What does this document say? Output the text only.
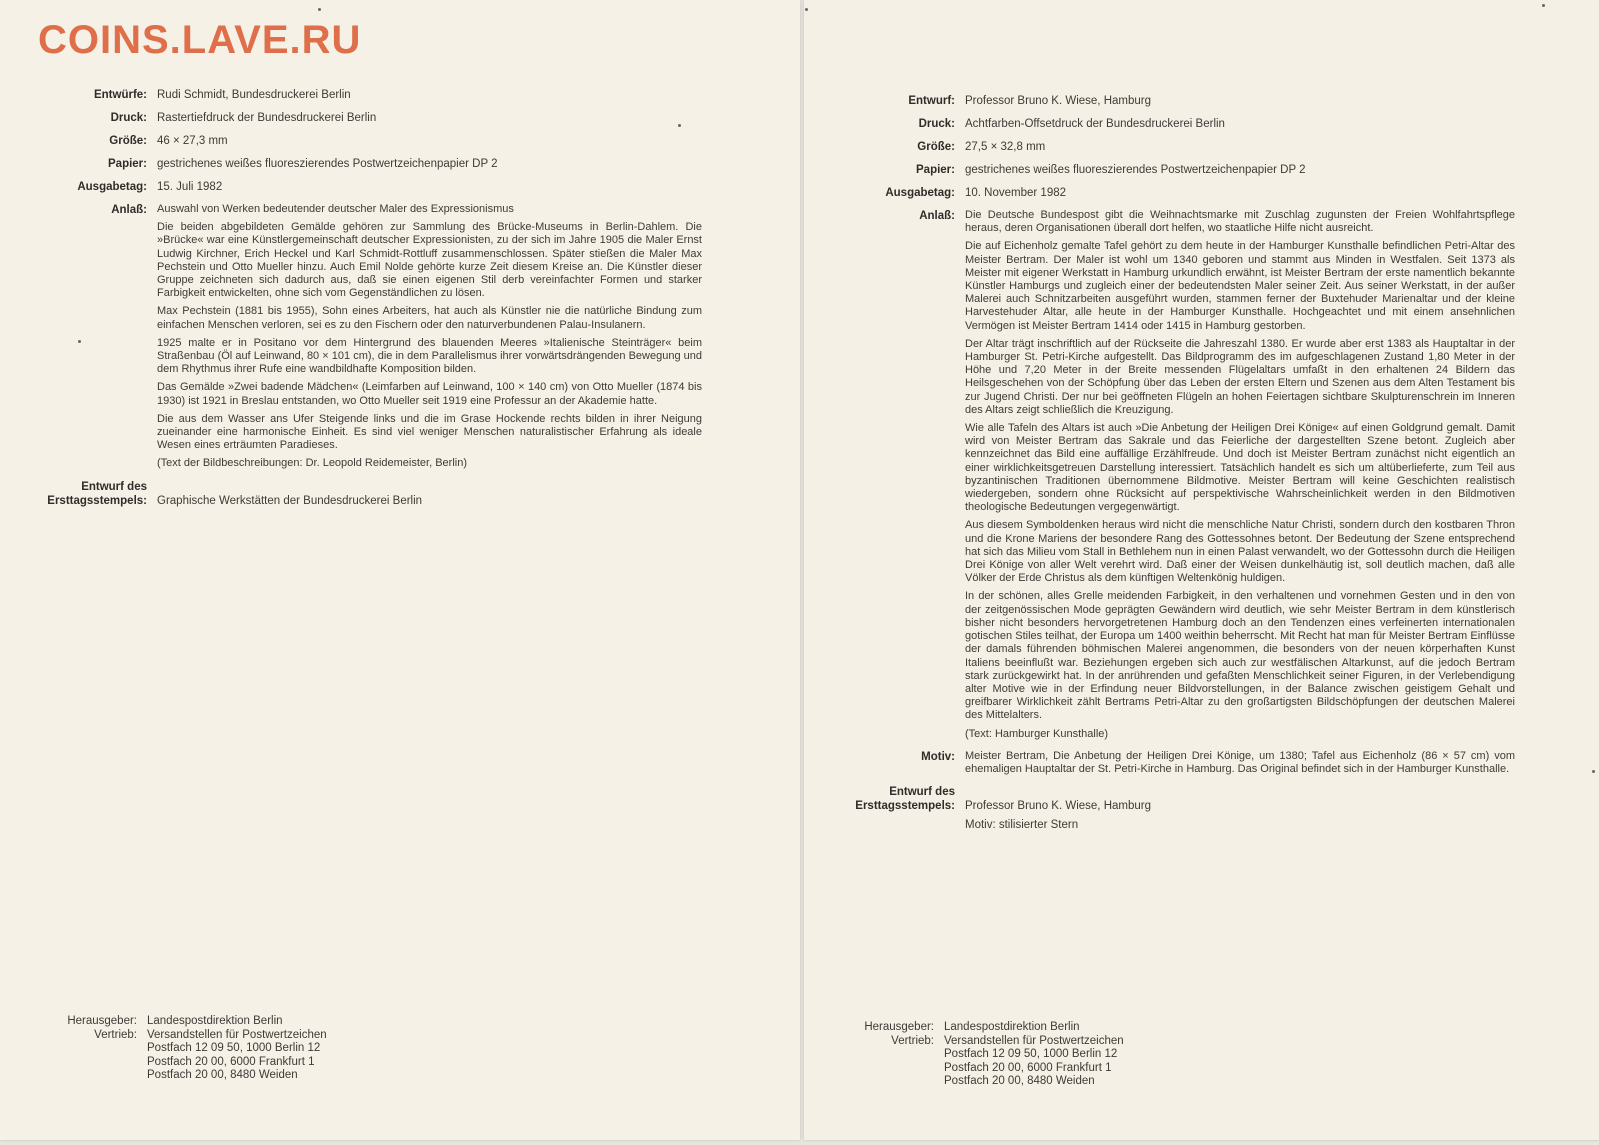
COINS.LAVE.RU
Entwürfe: Rudi Schmidt, Bundesdruckerei Berlin
Druck: Rastertiefdruck der Bundesdruckerei Berlin
Größe: 46 × 27,3 mm
Papier: gestrichenes weißes fluoreszierendes Postwertzeichenpapier DP 2
Ausgabetag: 15. Juli 1982
Anlaß: Auswahl von Werken bedeutender deutscher Maler des Expressionismus

Die beiden abgebildeten Gemälde gehören zur Sammlung des Brücke-Museums in Berlin-Dahlem. Die »Brücke« war eine Künstlergemeinschaft deutscher Expressionisten, zu der sich im Jahre 1905 die Maler Ernst Ludwig Kirchner, Erich Heckel und Karl Schmidt-Rottluff zusammenschlossen. Später stießen die Maler Max Pechstein und Otto Mueller hinzu. Auch Emil Nolde gehörte kurze Zeit diesem Kreise an. Die Künstler dieser Gruppe zeichneten sich dadurch aus, daß sie einen eigenen Stil derb vereinfachter Formen und starker Farbigkeit entwickelten, ohne sich vom Gegenständlichen zu lösen.

Max Pechstein (1881 bis 1955), Sohn eines Arbeiters, hat auch als Künstler nie die natürliche Bindung zum einfachen Menschen verloren, sei es zu den Fischern oder den naturverbundenen Palau-Insulanern.

1925 malte er in Positano vor dem Hintergrund des blauenden Meeres »Italienische Steinträger« beim Straßenbau (Öl auf Leinwand, 80 × 101 cm), die in dem Parallelismus ihrer vorwärtsdrängenden Bewegung und dem Rhythmus ihrer Rufe eine wandbildhafte Komposition bilden.

Das Gemälde »Zwei badende Mädchen« (Leimfarben auf Leinwand, 100 × 140 cm) von Otto Mueller (1874 bis 1930) ist 1921 in Breslau entstanden, wo Otto Mueller seit 1919 eine Professur an der Akademie hatte.

Die aus dem Wasser ans Ufer Steigende links und die im Grase Hockende rechts bilden in ihrer Neigung zueinander eine harmonische Einheit. Es sind viel weniger Menschen naturalistischer Erfahrung als ideale Wesen eines erträumten Paradieses.

(Text der Bildbeschreibungen: Dr. Leopold Reidemeister, Berlin)

Entwurf des
Ersttagsstempels: Graphische Werkstätten der Bundesdruckerei Berlin
Herausgeber:
Vertrieb:
Landespostdirektion Berlin
Versandstellen für Postwertzeichen
Postfach 12 09 50, 1000 Berlin 12
Postfach 20 00, 6000 Frankfurt 1
Postfach 20 00, 8480 Weiden
Entwurf: Professor Bruno K. Wiese, Hamburg
Druck: Achtfarben-Offsetdruck der Bundesdruckerei Berlin
Größe: 27,5 × 32,8 mm
Papier: gestrichenes weißes fluoreszierendes Postwertzeichenpapier DP 2
Ausgabetag: 10. November 1982
Anlaß: Die Deutsche Bundespost gibt die Weihnachtsmarke mit Zuschlag zugunsten der Freien Wohlfahrtspflege heraus, deren Organisationen überall dort helfen, wo staatliche Hilfe nicht ausreicht.

Die auf Eichenholz gemalte Tafel gehört zu dem heute in der Hamburger Kunsthalle befindlichen Petri-Altar des Meister Bertram. Der Maler ist wohl um 1340 geboren und stammt aus Minden in Westfalen. Seit 1373 als Meister mit eigener Werkstatt in Hamburg urkundlich erwähnt, ist Meister Bertram der erste namentlich bekannte Künstler Hamburgs und zugleich einer der bedeutendsten Maler seiner Zeit. Aus seiner Werkstatt, in der außer Malerei auch Schnitzarbeiten ausgeführt wurden, stammen ferner der Buxtehuder Marienaltar und der kleine Harvestehuder Altar, alle heute in der Hamburger Kunsthalle. Hochgeachtet und mit einem ansehnlichen Vermögen ist Meister Bertram 1414 oder 1415 in Hamburg gestorben.

Der Altar trägt inschriftlich auf der Rückseite die Jahreszahl 1380. Er wurde aber erst 1383 als Hauptaltar in der Hamburger St. Petri-Kirche aufgestellt. Das Bildprogramm des im aufgeschlagenen Zustand 1,80 Meter in der Höhe und 7,20 Meter in der Breite messenden Flügelaltars umfaßt in den erhaltenen 24 Bildern das Heilsgeschehen von der Schöpfung über das Leben der ersten Eltern und Szenen aus dem Alten Testament bis zur Jugend Christi. Der nur bei geöffneten Flügeln an hohen Feiertagen sichtbare Skulpturenschrein im Inneren des Altars zeigt schließlich die Kreuzigung.

Wie alle Tafeln des Altars ist auch »Die Anbetung der Heiligen Drei Könige« auf einen Goldgrund gemalt. Damit wird von Meister Bertram das Sakrale und das Feierliche der dargestellten Szene betont. Zugleich aber kennzeichnet das Bild eine auffällige Erzählfreude. Und doch ist Meister Bertram zunächst nicht eigentlich an einer wirklichkeitsgetreuen Darstellung interessiert. Tatsächlich handelt es sich um altüberlieferte, zum Teil aus byzantinischen Traditionen übernommene Bildmotive. Meister Bertram will keine Geschichten realistisch wiedergeben, sondern ohne Rücksicht auf perspektivische Wahrscheinlichkeit werden in den Bildmotiven theologische Bedeutungen vergegenwärtigt.

Aus diesem Symboldenken heraus wird nicht die menschliche Natur Christi, sondern durch den kostbaren Thron und die Krone Mariens der besondere Rang des Gottessohnes betont. Der Bedeutung der Szene entsprechend hat sich das Milieu vom Stall in Bethlehem nun in einen Palast verwandelt, wo der Gottessohn durch die Heiligen Drei Könige von aller Welt verehrt wird. Daß einer der Weisen dunkelhäutig ist, soll deutlich machen, daß alle Völker der Erde Christus als dem künftigen Weltenkönig huldigen.

In der schönen, alles Grelle meidenden Farbigkeit, in den verhaltenen und vornehmen Gesten und in den von der zeitgenössischen Mode geprägten Gewändern wird deutlich, wie sehr Meister Bertram in dem künstlerisch bisher nicht besonders hervorgetretenen Hamburg doch an den Tendenzen eines verfeinerten internationalen gotischen Stiles teilhat, der Europa um 1400 weithin beherrscht. Mit Recht hat man für Meister Bertram Einflüsse der damals führenden böhmischen Malerei angenommen, die besonders von der neuen körperhaften Kunst Italiens beeinflußt war. Beziehungen ergeben sich auch zur westfälischen Altarkunst, auf die jedoch Bertram stark zurückgewirkt hat. In der anrührenden und gefaßten Menschlichkeit seiner Figuren, in der Verlebendigung alter Motive wie in der Erfindung neuer Bildvorstellungen, in der Balance zwischen geistigem Gehalt und greifbarer Wirklichkeit zählt Bertrams Petri-Altar zu den großartigsten Bildschöpfungen der deutschen Malerei des Mittelalters.

(Text: Hamburger Kunsthalle)

Motiv: Meister Bertram, Die Anbetung der Heiligen Drei Könige, um 1380; Tafel aus Eichenholz (86 × 57 cm) vom ehemaligen Hauptaltar der St. Petri-Kirche in Hamburg. Das Original befindet sich in der Hamburger Kunsthalle.
Entwurf des
Ersttagsstempels: Professor Bruno K. Wiese, Hamburg
Motiv: stilisierter Stern
Herausgeber:
Vertrieb:
Landespostdirektion Berlin
Versandstellen für Postwertzeichen
Postfach 12 09 50, 1000 Berlin 12
Postfach 20 00, 6000 Frankfurt 1
Postfach 20 00, 8480 Weiden
